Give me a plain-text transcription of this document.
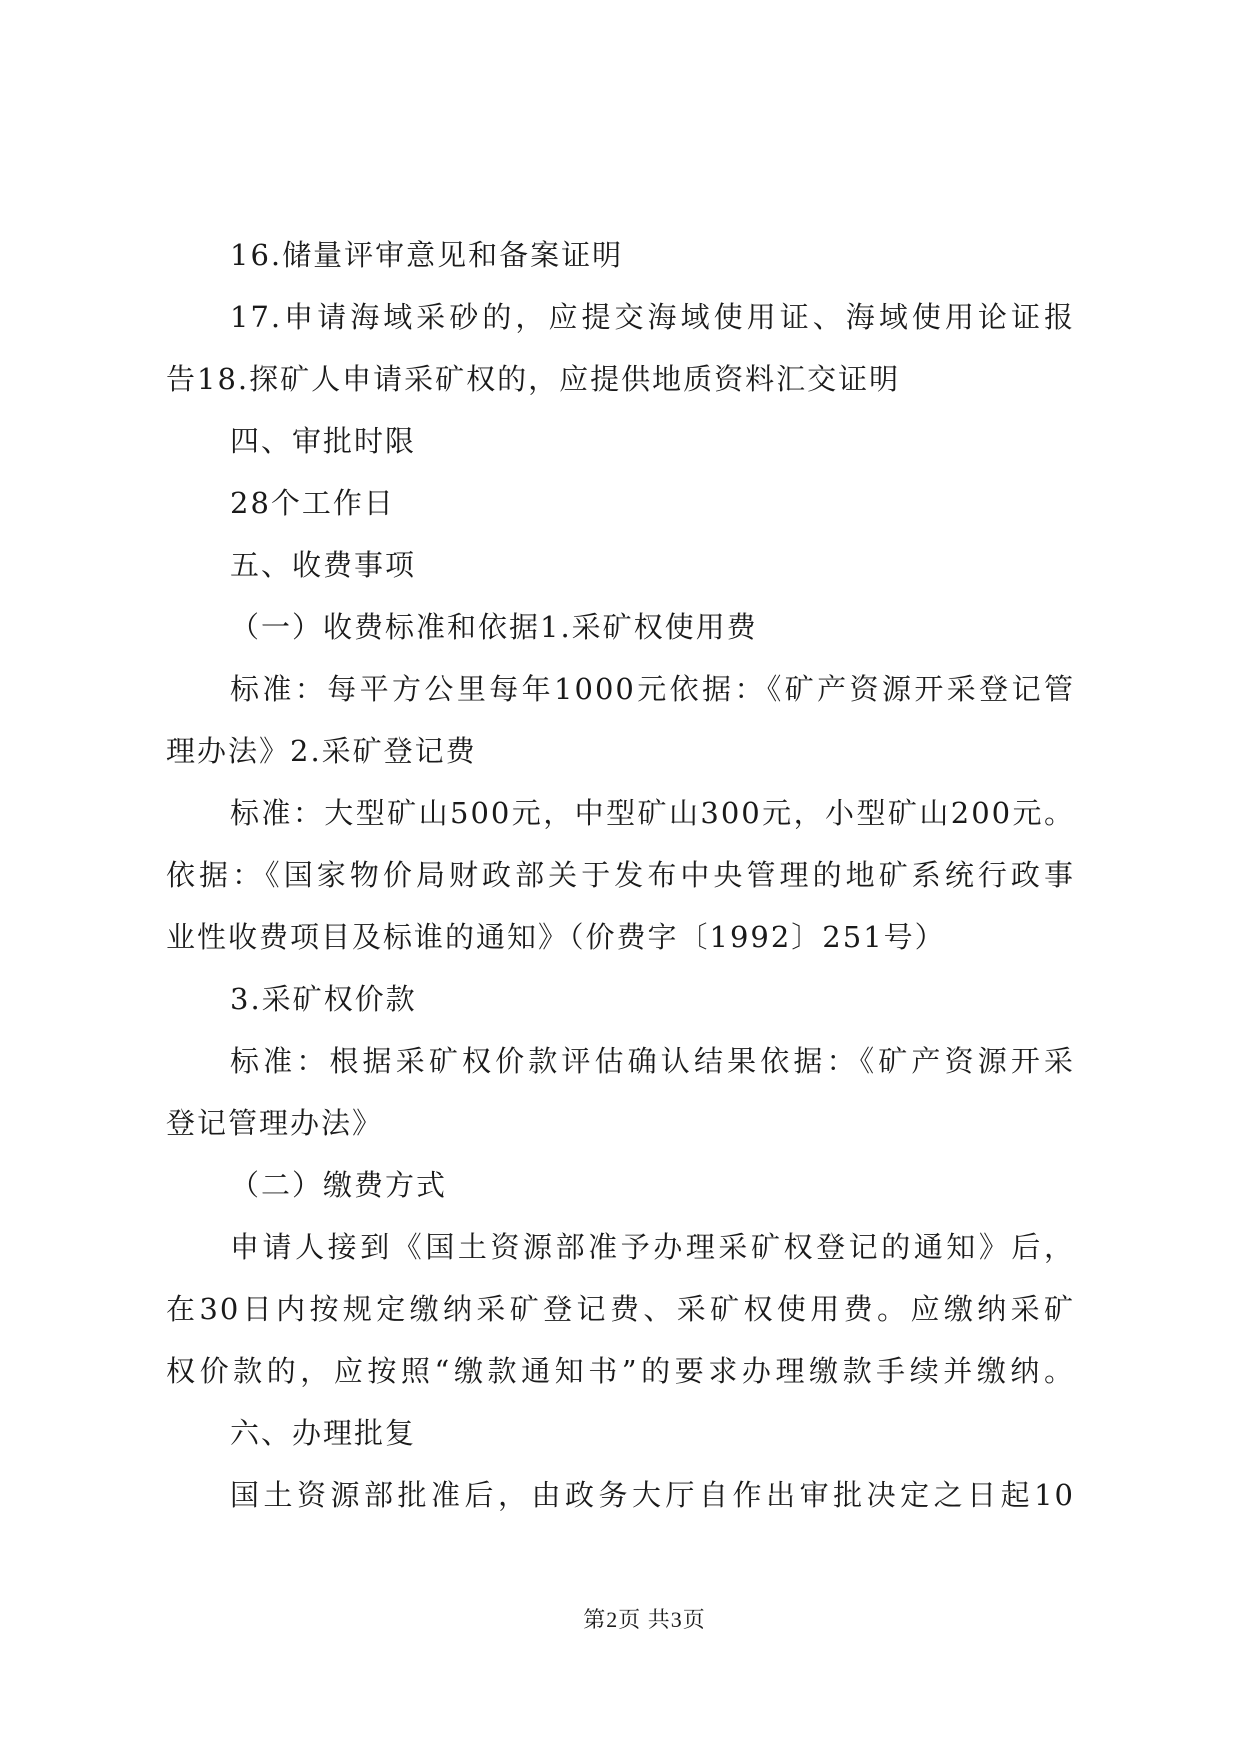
16.储量评审意见和备案证明
17.申请海域采砂的，应提交海域使用证、海域使用论证报
告18.探矿人申请采矿权的，应提供地质资料汇交证明
四、审批时限
28个工作日
五、收费事项
（一）收费标准和依据1.采矿权使用费
标准：每平方公里每年1000元依据：《矿产资源开采登记管
理办法》2.采矿登记费
标准：大型矿山500元，中型矿山300元，小型矿山200元。
依据：《国家物价局财政部关于发布中央管理的地矿系统行政事
业性收费项目及标谁的通知》（价费字〔1992〕251号）
3.采矿权价款
标准：根据采矿权价款评估确认结果依据：《矿产资源开采
登记管理办法》
（二）缴费方式
申请人接到《国土资源部准予办理采矿权登记的通知》后，
在30日内按规定缴纳采矿登记费、采矿权使用费。应缴纳采矿
权价款的，应按照“缴款通知书”的要求办理缴款手续并缴纳。
六、办理批复
国土资源部批准后，由政务大厅自作出审批决定之日起10
第2页 共3页
